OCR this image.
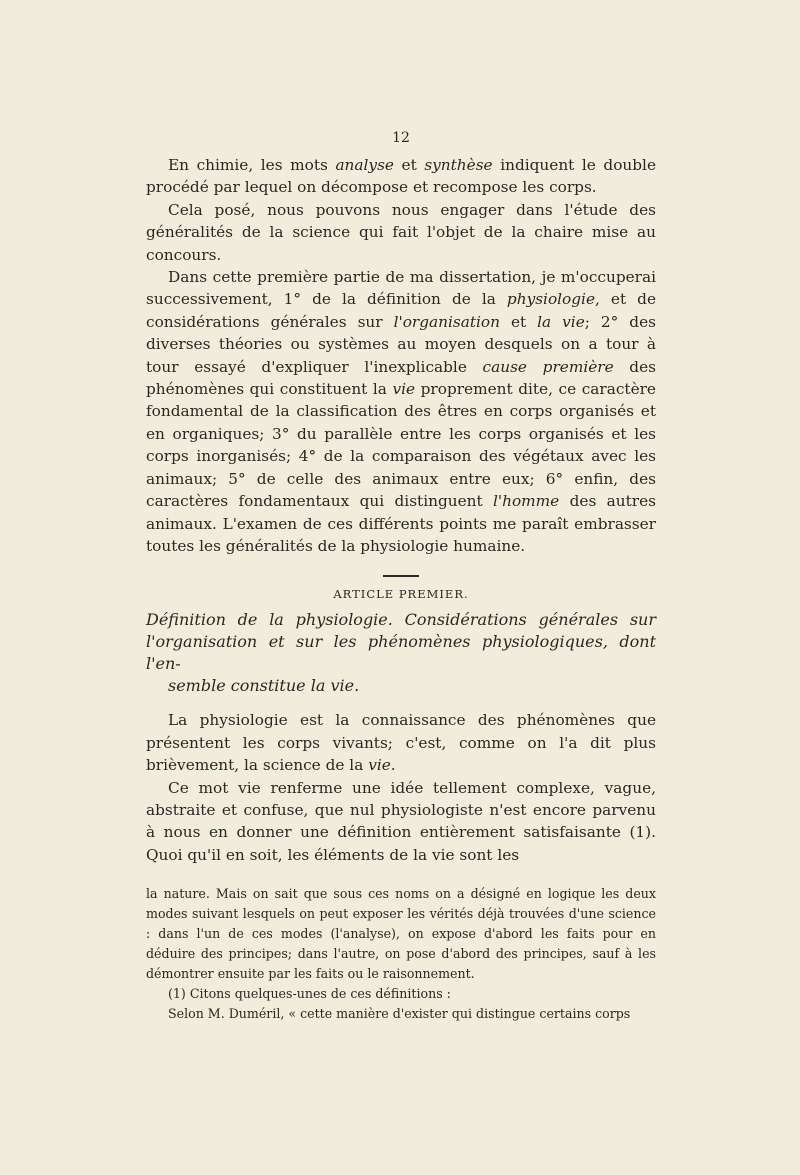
12

En chimie, les mots analyse et synthèse indiquent le double procédé par lequel on décompose et recompose les corps.

Cela posé, nous pouvons nous engager dans l'étude des généralités de la science qui fait l'objet de la chaire mise au concours.

Dans cette première partie de ma dissertation, je m'occuperai successivement, 1° de la définition de la physiologie, et de considérations générales sur l'organisation et la vie; 2° des diverses théories ou systèmes au moyen desquels on a tour à tour essayé d'expliquer l'inexplicable cause première des phénomènes qui constituent la vie proprement dite, ce caractère fondamental de la classification des êtres en corps organisés et en organiques; 3° du parallèle entre les corps organisés et les corps inorganisés; 4° de la comparaison des végétaux avec les animaux; 5° de celle des animaux entre eux; 6° enfin, des caractères fondamentaux qui distinguent l'homme des autres animaux. L'examen de ces différents points me paraît embrasser toutes les généralités de la physiologie humaine.

ARTICLE PREMIER.

Définition de la physiologie. Considérations générales sur l'organisation et sur les phénomènes physiologiques, dont l'en-
semble constitue la vie.

La physiologie est la connaissance des phénomènes que présentent les corps vivants; c'est, comme on l'a dit plus brièvement, la science de la vie.

Ce mot vie renferme une idée tellement complexe, vague, abstraite et confuse, que nul physiologiste n'est encore parvenu à nous en donner une définition entièrement satisfaisante (1). Quoi qu'il en soit, les éléments de la vie sont les

la nature. Mais on sait que sous ces noms on a désigné en logique les deux modes suivant lesquels on peut exposer les vérités déjà trouvées d'une science : dans l'un de ces modes (l'analyse), on expose d'abord les faits pour en déduire des principes; dans l'autre, on pose d'abord des principes, sauf à les démontrer ensuite par les faits ou le raisonnement.

(1) Citons quelques-unes de ces définitions :

Selon M. Duméril, « cette manière d'exister qui distingue certains corps
